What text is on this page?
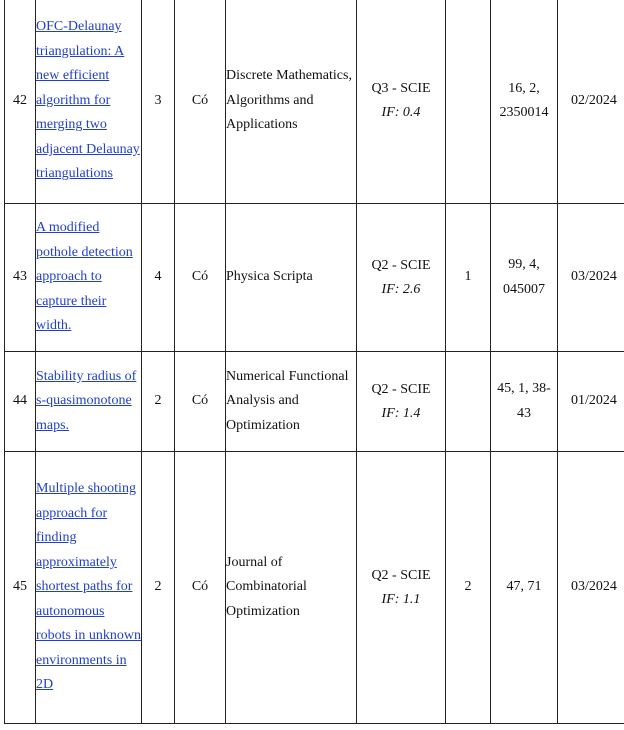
42	OFC-Delaunay triangulation: A new efficient algorithm for merging two adjacent Delaunay triangulations	3	Có	Discrete Mathematics, Algorithms and Applications	Q3 - SCIE
IF: 0.4		16, 2, 2350014	02/2024
43	A modified pothole detection approach to capture their width.	4	Có	Physica Scripta	Q2 - SCIE
IF: 2.6	1	99, 4, 045007	03/2024
44	Stability radius of s-quasimonotone maps.	2	Có	Numerical Functional Analysis and Optimization	Q2 - SCIE
IF: 1.4		45, 1, 38-43	01/2024
45	Multiple shooting approach for finding approximately shortest paths for autonomous robots in unknown environments in 2D	2	Có	Journal of Combinatorial Optimization	Q2 - SCIE
IF: 1.1	2	47, 71	03/2024
